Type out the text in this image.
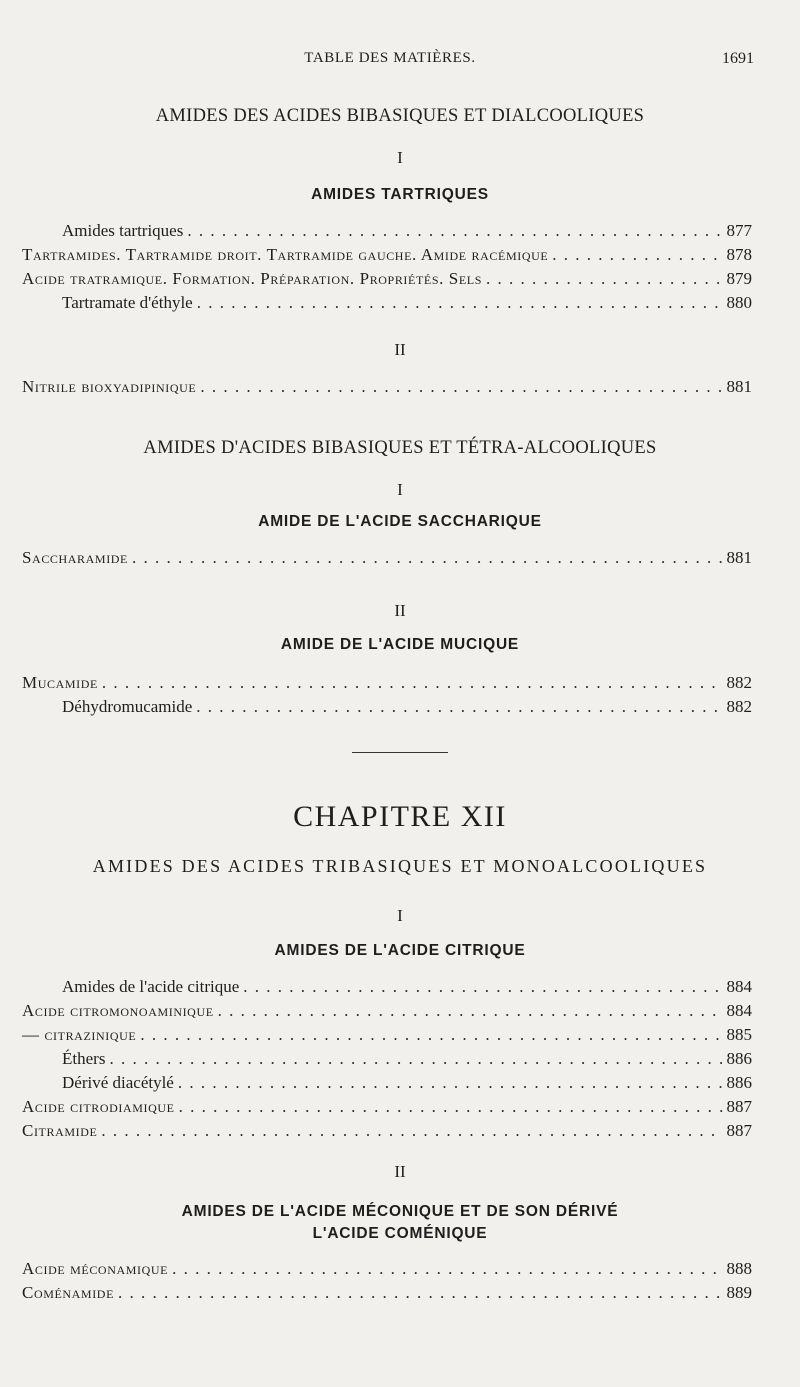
TABLE DES MATIÈRES.	1691
AMIDES DES ACIDES BIBASIQUES ET DIALCOOLIQUES
I
AMIDES TARTRIQUES
Amides tartriques . . .	877
Tartramides. Tartramide droit. Tartramide gauche. Amide racémique . . .	878
Acide tratramique. Formation. Préparation. Propriétés. Sels . . .	879
Tartramate d'éthyle . . .	880
II
Nitrile bioxyadipinique . . .	881
AMIDES D'ACIDES BIBASIQUES ET TÉTRA-ALCOOLIQUES
I
AMIDE DE L'ACIDE SACCHARIQUE
Saccharamide . . .	881
II
AMIDE DE L'ACIDE MUCIQUE
Mucamide . . .	882
Déhydromucamide . . .	882
CHAPITRE XII
AMIDES DES ACIDES TRIBASIQUES ET MONOALCOOLIQUES
I
AMIDES DE L'ACIDE CITRIQUE
Amides de l'acide citrique . . .	884
Acide citromonoaminique . . .	884
— citrazinique . . .	885
Éthers . . .	886
Dérivé diacétylé . . .	886
Acide citrodiamique . . .	887
Citramide . . .	887
II
AMIDES DE L'ACIDE MÉCONIQUE ET DE SON DÉRIVÉ
L'ACIDE COMÉNIQUE
Acide méconamique . . .	888
Coménamide . . .	889
